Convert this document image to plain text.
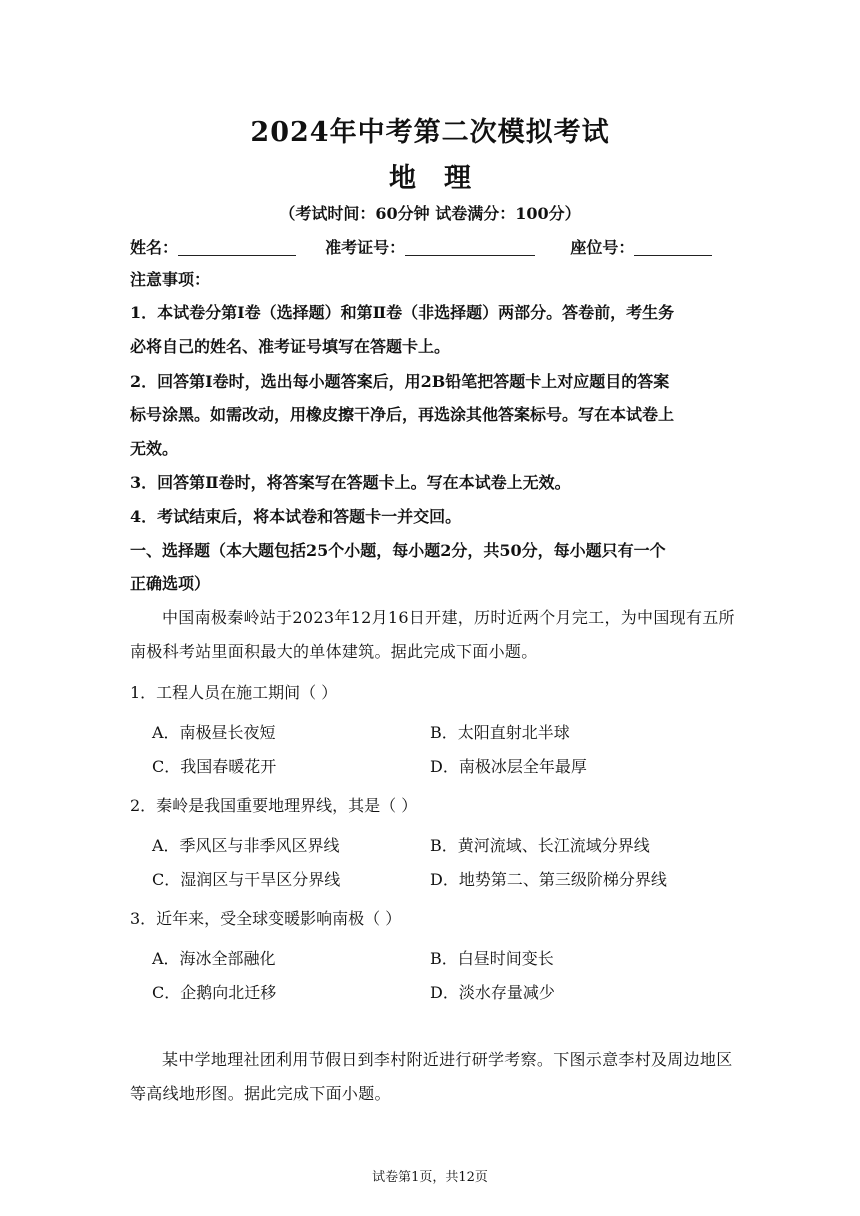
2024年中考第二次模拟考试
地 理
（考试时间：60分钟 试卷满分：100分）
姓名：	准考证号：	座位号：
注意事项：
1．本试卷分第Ⅰ卷（选择题）和第Ⅱ卷（非选择题）两部分。答卷前，考生务
必将自己的姓名、准考证号填写在答题卡上。
2．回答第Ⅰ卷时，选出每小题答案后，用2B铅笔把答题卡上对应题目的答案
标号涂黑。如需改动，用橡皮擦干净后，再选涂其他答案标号。写在本试卷上
无效。
3．回答第Ⅱ卷时，将答案写在答题卡上。写在本试卷上无效。
4．考试结束后，将本试卷和答题卡一并交回。
一、选择题（本大题包括25个小题，每小题2分，共50分，每小题只有一个
正确选项）
中国南极秦岭站于2023年12月16日开建，历时近两个月完工，为中国现有五所南极科考站里面积最大的单体建筑。据此完成下面小题。
1．工程人员在施工期间（ ）
A．南极昼长夜短	B．太阳直射北半球
C．我国春暖花开	D．南极冰层全年最厚
2．秦岭是我国重要地理界线，其是（ ）
A．季风区与非季风区界线	B．黄河流域、长江流域分界线
C．湿润区与干旱区分界线	D．地势第二、第三级阶梯分界线
3．近年来，受全球变暖影响南极（ ）
A．海冰全部融化	B．白昼时间变长
C．企鹅向北迁移	D．淡水存量减少
某中学地理社团利用节假日到李村附近进行研学考察。下图示意李村及周边地区等高线地形图。据此完成下面小题。
试卷第1页，共12页
